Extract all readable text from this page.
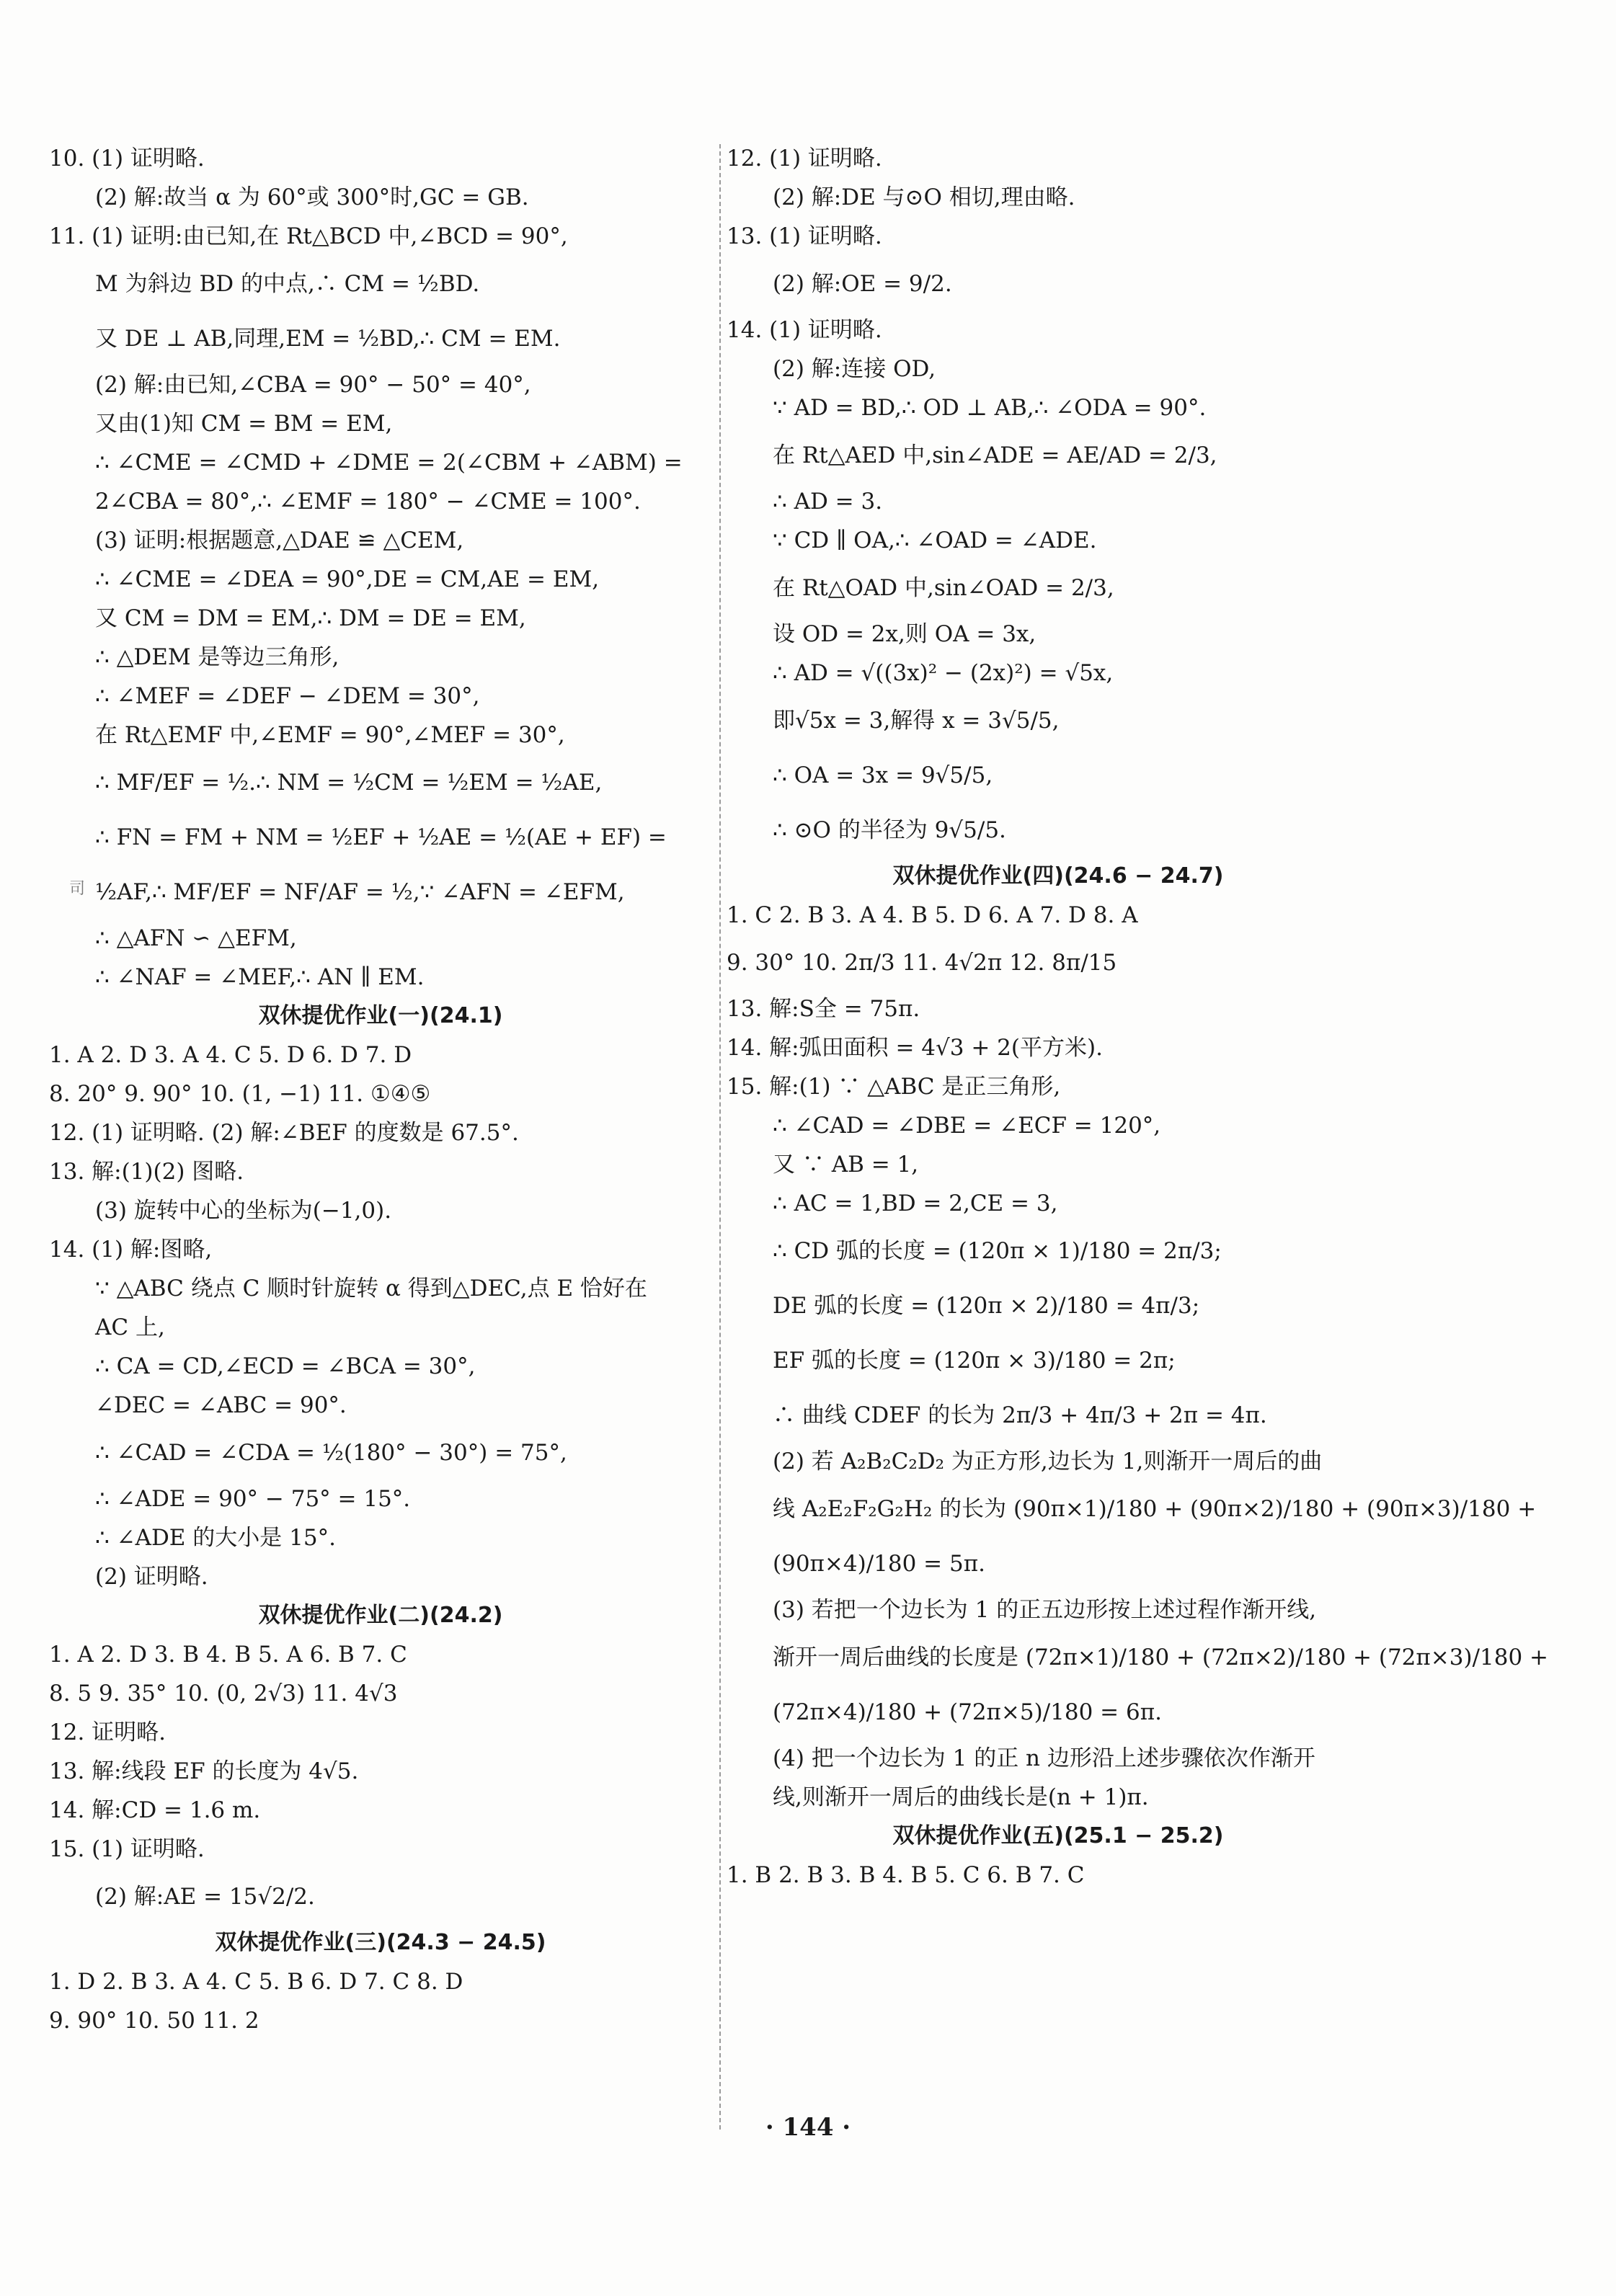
10. (1) 证明略.
(2) 解:故当 α 为 60°或 300°时,GC = GB.
11. (1) 证明:由已知,在 Rt△BCD 中,∠BCD = 90°,
M 为斜边 BD 的中点,∴ CM = ½BD.
又 DE ⊥ AB,同理,EM = ½BD,∴ CM = EM.
(2) 解:由已知,∠CBA = 90° − 50° = 40°,
又由(1)知 CM = BM = EM,
∴ ∠CME = ∠CMD + ∠DME = 2(∠CBM + ∠ABM) =
2∠CBA = 80°,∴ ∠EMF = 180° − ∠CME = 100°.
(3) 证明:根据题意,△DAE ≌ △CEM,
∴ ∠CME = ∠DEA = 90°,DE = CM,AE = EM,
又 CM = DM = EM,∴ DM = DE = EM,
∴ △DEM 是等边三角形,
∴ ∠MEF = ∠DEF − ∠DEM = 30°,
在 Rt△EMF 中,∠EMF = 90°,∠MEF = 30°,
∴ MF/EF = ½.∴ NM = ½CM = ½EM = ½AE,
∴ FN = FM + NM = ½EF + ½AE = ½(AE + EF) =
½AF,∴ MF/EF = NF/AF = ½,∵ ∠AFN = ∠EFM,
∴ △AFN ∽ △EFM,
∴ ∠NAF = ∠MEF,∴ AN ∥ EM.
双休提优作业(一)(24.1)
1. A 2. D 3. A 4. C 5. D 6. D 7. D
8. 20° 9. 90° 10. (1, −1) 11. ①④⑤
12. (1) 证明略. (2) 解:∠BEF 的度数是 67.5°.
13. 解:(1)(2) 图略.
(3) 旋转中心的坐标为(−1,0).
14. (1) 解:图略,
∵ △ABC 绕点 C 顺时针旋转 α 得到△DEC,点 E 恰好在
AC 上,
∴ CA = CD,∠ECD = ∠BCA = 30°,
∠DEC = ∠ABC = 90°.
∴ ∠CAD = ∠CDA = ½(180° − 30°) = 75°,
∴ ∠ADE = 90° − 75° = 15°.
∴ ∠ADE 的大小是 15°.
(2) 证明略.
双休提优作业(二)(24.2)
1. A 2. D 3. B 4. B 5. A 6. B 7. C
8. 5 9. 35° 10. (0, 2√3) 11. 4√3
12. 证明略.
13. 解:线段 EF 的长度为 4√5.
14. 解:CD = 1.6 m.
15. (1) 证明略.
(2) 解:AE = 15√2/2.
双休提优作业(三)(24.3 − 24.5)
1. D 2. B 3. A 4. C 5. B 6. D 7. C 8. D
9. 90° 10. 50 11. 2
12. (1) 证明略.
(2) 解:DE 与⊙O 相切,理由略.
13. (1) 证明略.
(2) 解:OE = 9/2.
14. (1) 证明略.
(2) 解:连接 OD,
∵ AD = BD,∴ OD ⊥ AB,∴ ∠ODA = 90°.
在 Rt△AED 中,sin∠ADE = AE/AD = 2/3,
∴ AD = 3.
∵ CD ∥ OA,∴ ∠OAD = ∠ADE.
在 Rt△OAD 中,sin∠OAD = 2/3,
设 OD = 2x,则 OA = 3x,
∴ AD = √((3x)² − (2x)²) = √5x,
即√5x = 3,解得 x = 3√5/5,
∴ OA = 3x = 9√5/5,
∴ ⊙O 的半径为 9√5/5.
双休提优作业(四)(24.6 − 24.7)
1. C 2. B 3. A 4. B 5. D 6. A 7. D 8. A
9. 30° 10. 2π/3 11. 4√2π 12. 8π/15
13. 解:S全 = 75π.
14. 解:弧田面积 = 4√3 + 2(平方米).
15. 解:(1) ∵ △ABC 是正三角形,
∴ ∠CAD = ∠DBE = ∠ECF = 120°,
又 ∵ AB = 1,
∴ AC = 1,BD = 2,CE = 3,
∴ CD 弧的长度 = (120π × 1)/180 = 2π/3;
DE 弧的长度 = (120π × 2)/180 = 4π/3;
EF 弧的长度 = (120π × 3)/180 = 2π;
∴ 曲线 CDEF 的长为 2π/3 + 4π/3 + 2π = 4π.
(2) 若 A₂B₂C₂D₂ 为正方形,边长为 1,则渐开一周后的曲
线 A₂E₂F₂G₂H₂ 的长为 (90π×1)/180 + (90π×2)/180 + (90π×3)/180 +
(90π×4)/180 = 5π.
(3) 若把一个边长为 1 的正五边形按上述过程作渐开线,
渐开一周后曲线的长度是 (72π×1)/180 + (72π×2)/180 + (72π×3)/180 +
(72π×4)/180 + (72π×5)/180 = 6π.
(4) 把一个边长为 1 的正 n 边形沿上述步骤依次作渐开
线,则渐开一周后的曲线长是(n + 1)π.
双休提优作业(五)(25.1 − 25.2)
1. B 2. B 3. B 4. B 5. C 6. B 7. C
司
· 144 ·
